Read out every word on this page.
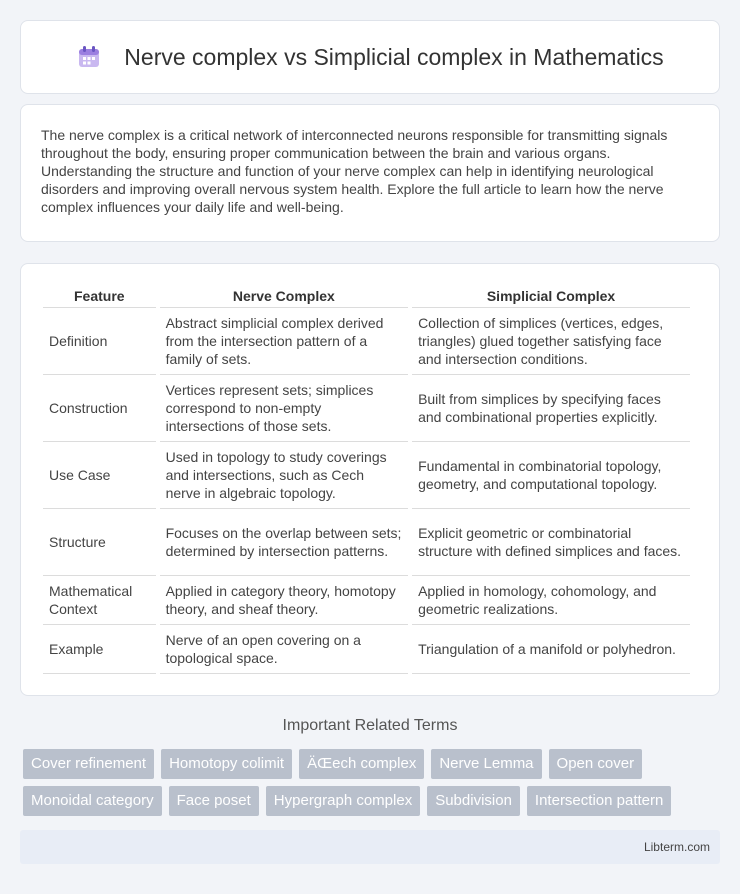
Nerve complex vs Simplicial complex in Mathematics

The nerve complex is a critical network of interconnected neurons responsible for transmitting signals throughout the body, ensuring proper communication between the brain and various organs. Understanding the structure and function of your nerve complex can help in identifying neurological disorders and improving overall nervous system health. Explore the full article to learn how the nerve complex influences your daily life and well-being.

Feature	Nerve Complex	Simplicial Complex
Definition	Abstract simplicial complex derived from the intersection pattern of a family of sets.	Collection of simplices (vertices, edges, triangles) glued together satisfying face and intersection conditions.
Construction	Vertices represent sets; simplices correspond to non-empty intersections of those sets.	Built from simplices by specifying faces and combinational properties explicitly.
Use Case	Used in topology to study coverings and intersections, such as Cech nerve in algebraic topology.	Fundamental in combinatorial topology, geometry, and computational topology.
Structure	Focuses on the overlap between sets; determined by intersection patterns.	Explicit geometric or combinatorial structure with defined simplices and faces.
Mathematical Context	Applied in category theory, homotopy theory, and sheaf theory.	Applied in homology, cohomology, and geometric realizations.
Example	Nerve of an open covering on a topological space.	Triangulation of a manifold or polyhedron.
Important Related Terms
Cover refinement	Homotopy colimit	ÄŒech complex	Nerve Lemma	Open cover
Monoidal category	Face poset	Hypergraph complex	Subdivision	Intersection pattern
Libterm.com
